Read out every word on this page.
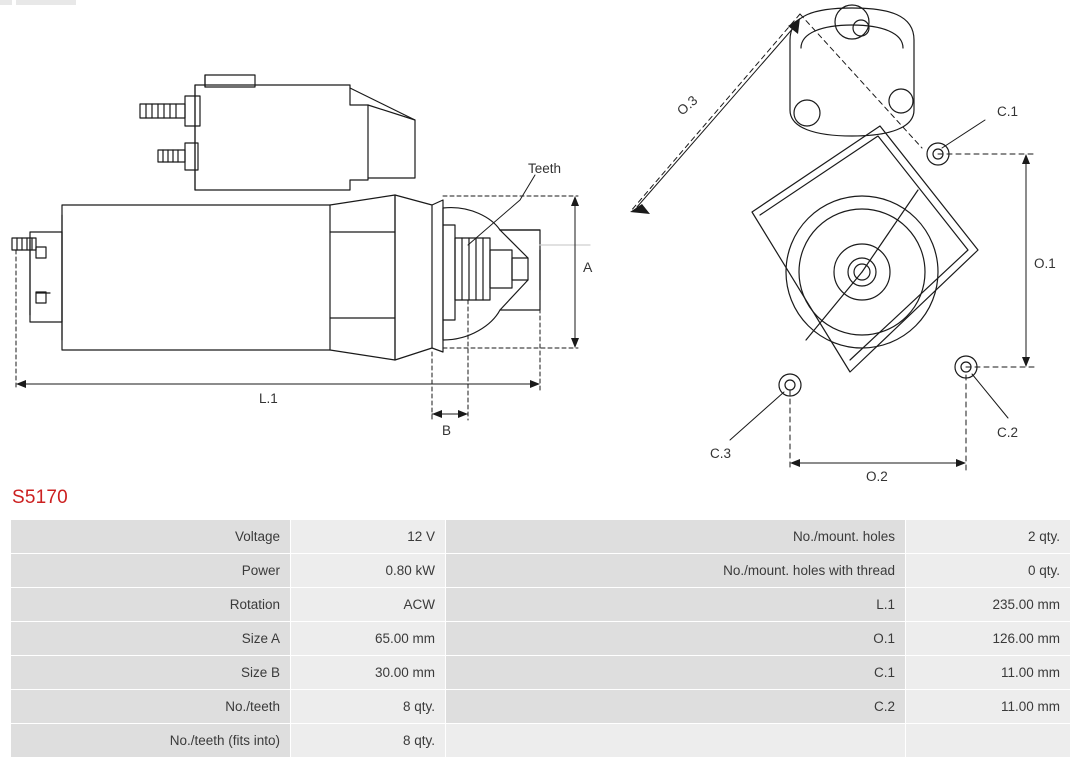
Teeth
A
L.1
B
O.3
O.1
O.2
C.1
C.2
C.3
S5170
Voltage	12 V	No./mount. holes	2 qty.
Power	0.80 kW	No./mount. holes with thread	0 qty.
Rotation	ACW	L.1	235.00 mm
Size A	65.00 mm	O.1	126.00 mm
Size B	30.00 mm	C.1	11.00 mm
No./teeth	8 qty.	C.2	11.00 mm
No./teeth (fits into)	8 qty.		
